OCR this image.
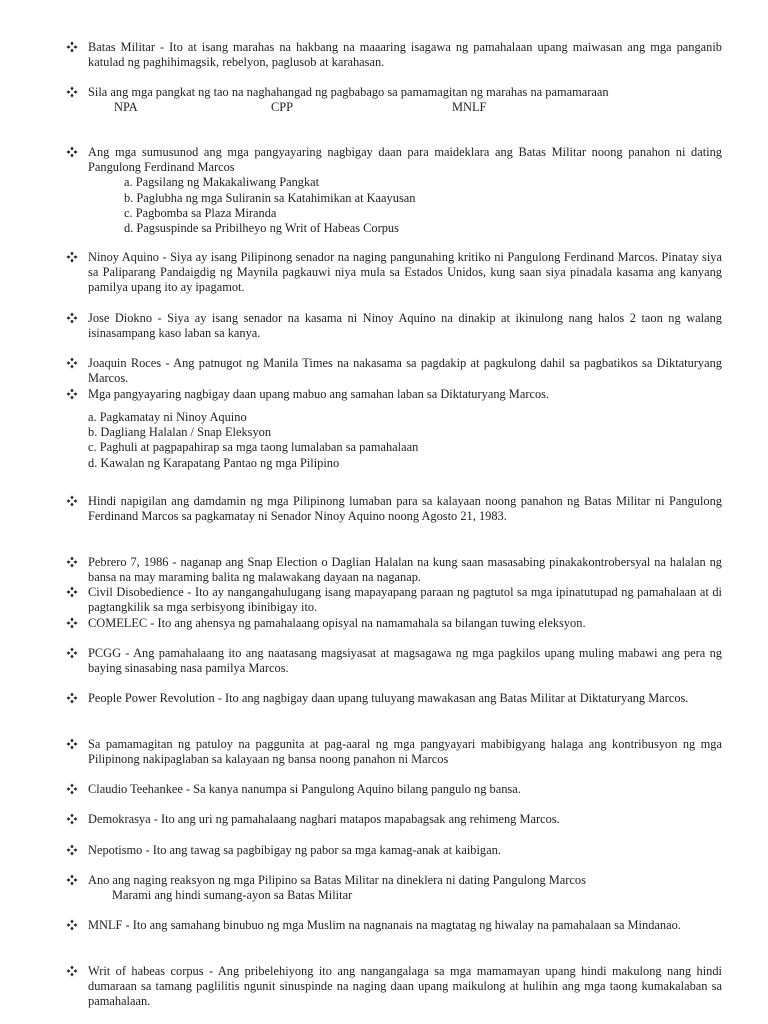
Batas Militar - Ito at isang marahas na hakbang na maaaring isagawa ng pamahalaan upang maiwasan ang mga panganib katulad ng paghihimagsik, rebelyon, paglusob at karahasan.

Sila ang mga pangkat ng tao na naghahangad ng pagbabago sa pamamagitan ng marahas na pamamaraan

NPA	CPP	MNLF

Ang mga sumusunod ang mga pangyayaring nagbigay daan para maideklara ang Batas Militar noong panahon ni dating Pangulong Ferdinand Marcos

a. Pagsilang ng Makakaliwang Pangkat
b. Paglubha ng mga Suliranin sa Katahimikan at Kaayusan
c. Pagbomba sa Plaza Miranda
d. Pagsuspinde sa Pribilheyo ng Writ of Habeas Corpus

Ninoy Aquino - Siya ay isang Pilipinong senador na naging pangunahing kritiko ni Pangulong Ferdinand Marcos. Pinatay siya sa Paliparang Pandaigdig ng Maynila pagkauwi niya mula sa Estados Unidos, kung saan siya pinadala kasama ang kanyang pamilya upang ito ay ipagamot.

Jose Diokno - Siya ay isang senador na kasama ni Ninoy Aquino na dinakip at ikinulong nang halos 2 taon ng walang isinasampang kaso laban sa kanya.

Joaquin Roces - Ang patnugot ng Manila Times na nakasama sa pagdakip at pagkulong dahil sa pagbatikos sa Diktaturyang Marcos.

Mga pangyayaring nagbigay daan upang mabuo ang samahan laban sa Diktaturyang Marcos.

a. Pagkamatay ni Ninoy Aquino
b. Dagliang Halalan / Snap Eleksyon
c. Paghuli at pagpapahirap sa mga taong lumalaban sa pamahalaan
d. Kawalan ng Karapatang Pantao ng mga Pilipino

Hindi napigilan ang damdamin ng mga Pilipinong lumaban para sa kalayaan noong panahon ng Batas Militar ni Pangulong Ferdinand Marcos sa pagkamatay ni Senador Ninoy Aquino noong Agosto 21, 1983.

Pebrero 7, 1986 - naganap ang Snap Election o Daglian Halalan na kung saan masasabing pinakakontrobersyal na halalan ng bansa na may maraming balita ng malawakang dayaan na naganap.

Civil Disobedience - Ito ay nangangahulugang isang mapayapang paraan ng pagtutol sa mga ipinatutupad ng pamahalaan at di pagtangkilik sa mga serbisyong ibinibigay ito.

COMELEC - Ito ang ahensya ng pamahalaang opisyal na namamahala sa bilangan tuwing eleksyon.

PCGG - Ang pamahalaang ito ang naatasang magsiyasat at magsagawa ng mga pagkilos upang muling mabawi ang pera ng baying sinasabing nasa pamilya Marcos.

People Power Revolution - Ito ang nagbigay daan upang tuluyang mawakasan ang Batas Militar at Diktaturyang Marcos.

Sa pamamagitan ng patuloy na paggunita at pag-aaral ng mga pangyayari mabibigyang halaga ang kontribusyon ng mga Pilipinong nakipaglaban sa kalayaan ng bansa noong panahon ni Marcos

Claudio Teehankee - Sa kanya nanumpa si Pangulong Aquino bilang pangulo ng bansa.

Demokrasya - Ito ang uri ng pamahalaang naghari matapos mapabagsak ang rehimeng Marcos.

Nepotismo - Ito ang tawag sa pagbibigay ng pabor sa mga kamag-anak at kaibigan.

Ano ang naging reaksyon ng mga Pilipino sa Batas Militar na dineklera ni dating Pangulong Marcos

Marami ang hindi sumang-ayon sa Batas Militar

MNLF - Ito ang samahang binubuo ng mga Muslim na nagnanais na magtatag ng hiwalay na pamahalaan sa Mindanao.

Writ of habeas corpus - Ang pribelehiyong ito ang nangangalaga sa mga mamamayan upang hindi makulong nang hindi dumaraan sa tamang paglilitis ngunit sinuspinde na naging daan upang maikulong at hulihin ang mga taong kumakalaban sa pamahalaan.
